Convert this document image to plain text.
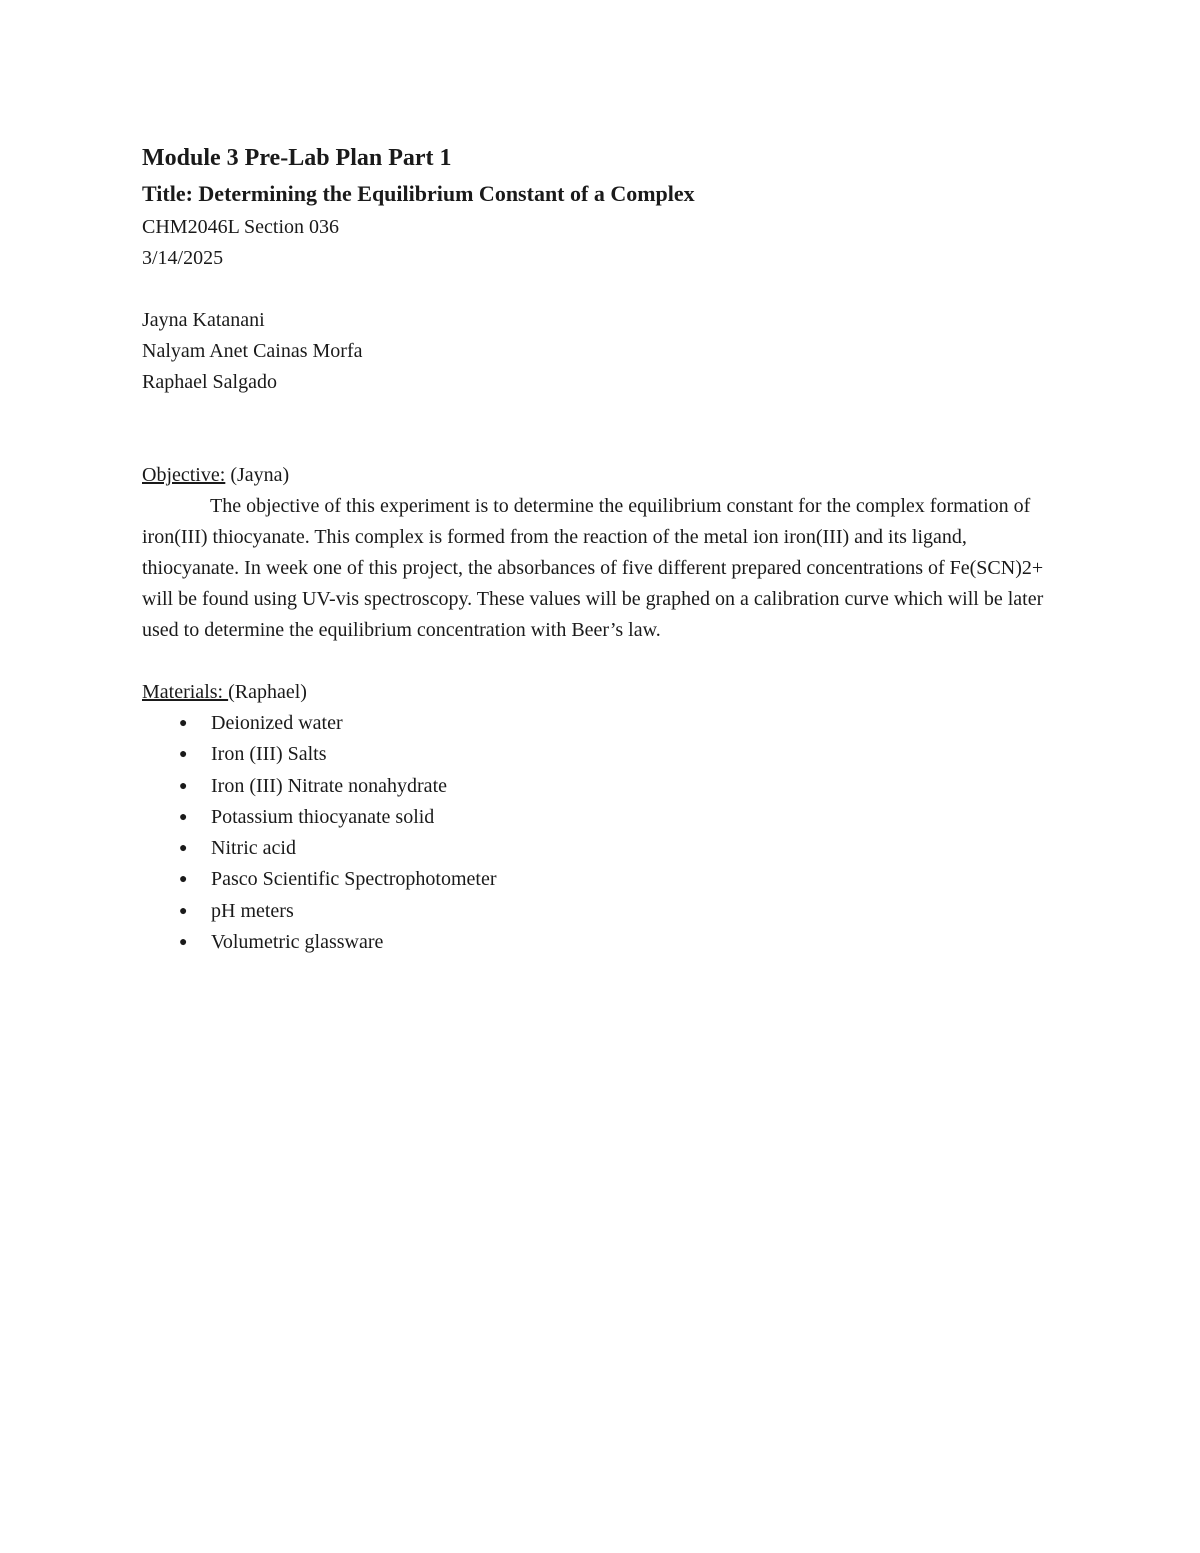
Module 3 Pre-Lab Plan Part 1

Title: Determining the Equilibrium Constant of a Complex

CHM2046L Section 036

3/14/2025

Jayna Katanani

Nalyam Anet Cainas Morfa

Raphael Salgado

Objective: (Jayna)

The objective of this experiment is to determine the equilibrium constant for the complex formation of iron(III) thiocyanate. This complex is formed from the reaction of the metal ion iron(III) and its ligand, thiocyanate. In week one of this project, the absorbances of five different prepared concentrations of Fe(SCN)2+ will be found using UV-vis spectroscopy. These values will be graphed on a calibration curve which will be later used to determine the equilibrium concentration with Beer’s law.

Materials: (Raphael)

● Deionized water
● Iron (III) Salts
● Iron (III) Nitrate nonahydrate
● Potassium thiocyanate solid
● Nitric acid
● Pasco Scientific Spectrophotometer
● pH meters
● Volumetric glassware
